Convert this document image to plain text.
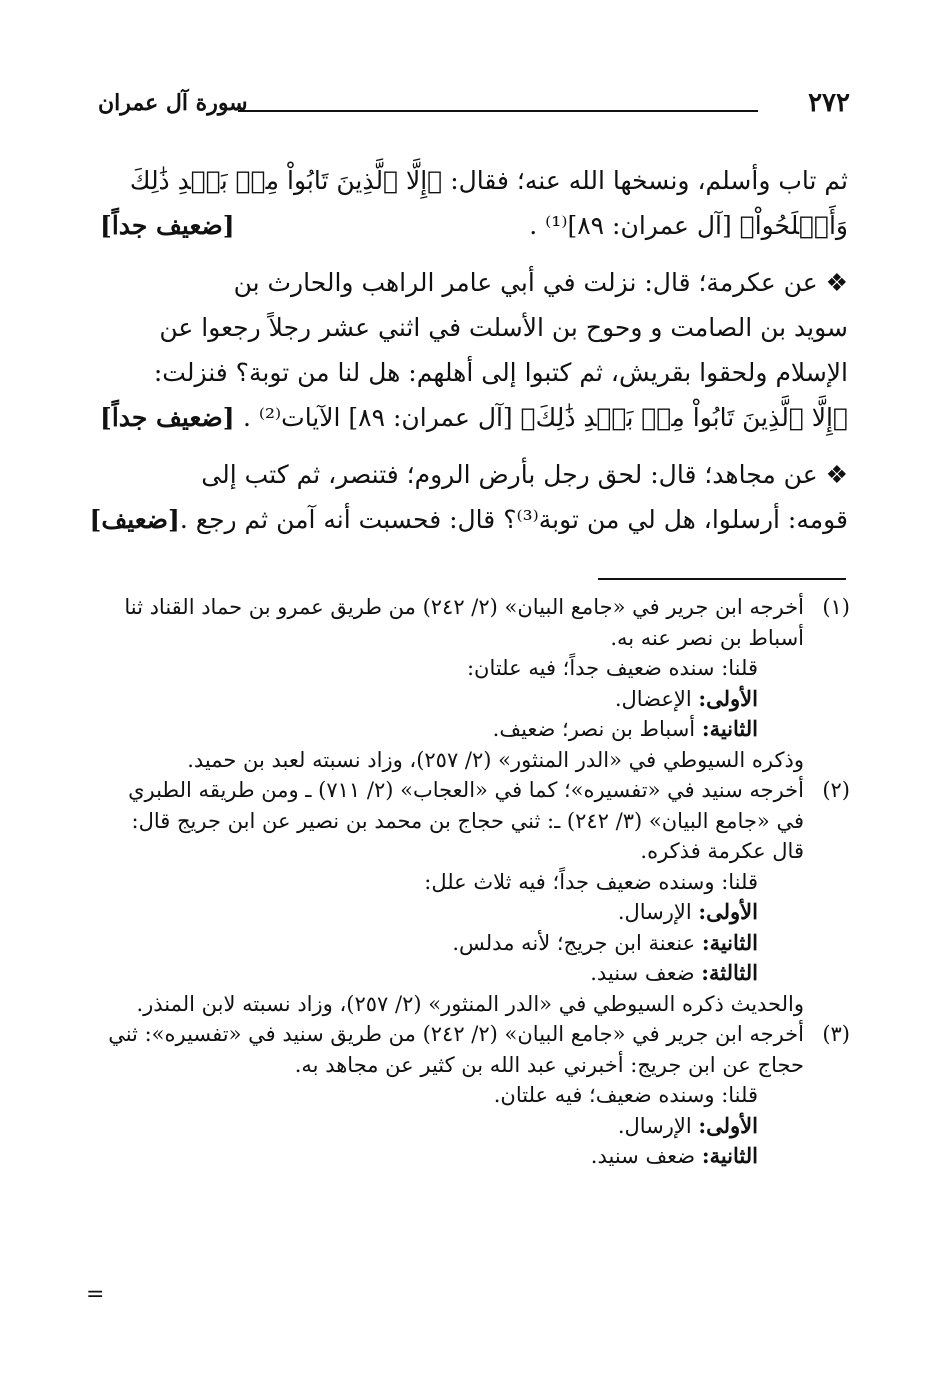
٢٧٢
سورة آل عمران
ثم تاب وأسلم، ونسخها الله عنه؛ فقال: ﴿إِلَّا ٱلَّذِينَ تَابُواْ مِنۢ بَعۡدِ ذَٰلِكَ
وَأَصۡلَحُواْ﴾ [آل عمران: ٨٩]⁽¹⁾ .
[ضعيف جداً]
❖ عن عكرمة؛ قال: نزلت في أبي عامر الراهب والحارث بن
سويد بن الصامت و وحوح بن الأسلت في اثني عشر رجلاً رجعوا عن
الإسلام ولحقوا بقريش، ثم كتبوا إلى أهلهم: هل لنا من توبة؟ فنزلت:
﴿إِلَّا ٱلَّذِينَ تَابُواْ مِنۢ بَعۡدِ ذَٰلِكَ﴾ [آل عمران: ٨٩] الآيات⁽²⁾ .
[ضعيف جداً]
❖ عن مجاهد؛ قال: لحق رجل بأرض الروم؛ فتنصر، ثم كتب إلى
قومه: أرسلوا، هل لي من توبة⁽³⁾؟ قال: فحسبت أنه آمن ثم رجع .
[ضعيف]
(١)
أخرجه ابن جرير في «جامع البيان» (٢/ ٢٤٢) من طريق عمرو بن حماد القناد ثنا أسباط بن نصر عنه به.
قلنا: سنده ضعيف جداً؛ فيه علتان:
الأولى: الإعضال.
الثانية: أسباط بن نصر؛ ضعيف.
وذكره السيوطي في «الدر المنثور» (٢/ ٢٥٧)، وزاد نسبته لعبد بن حميد.
(٢)
أخرجه سنيد في «تفسيره»؛ كما في «العجاب» (٢/ ٧١١) ـ ومن طريقه الطبري في «جامع البيان» (٣/ ٢٤٢) ـ: ثني حجاج بن محمد بن نصير عن ابن جريج قال: قال عكرمة فذكره.
قلنا: وسنده ضعيف جداً؛ فيه ثلاث علل:
الأولى: الإرسال.
الثانية: عنعنة ابن جريج؛ لأنه مدلس.
الثالثة: ضعف سنيد.
والحديث ذكره السيوطي في «الدر المنثور» (٢/ ٢٥٧)، وزاد نسبته لابن المنذر.
(٣)
أخرجه ابن جرير في «جامع البيان» (٢/ ٢٤٢) من طريق سنيد في «تفسيره»: ثني حجاج عن ابن جريج: أخبرني عبد الله بن كثير عن مجاهد به.
قلنا: وسنده ضعيف؛ فيه علتان.
الأولى: الإرسال.
الثانية: ضعف سنيد.
=
